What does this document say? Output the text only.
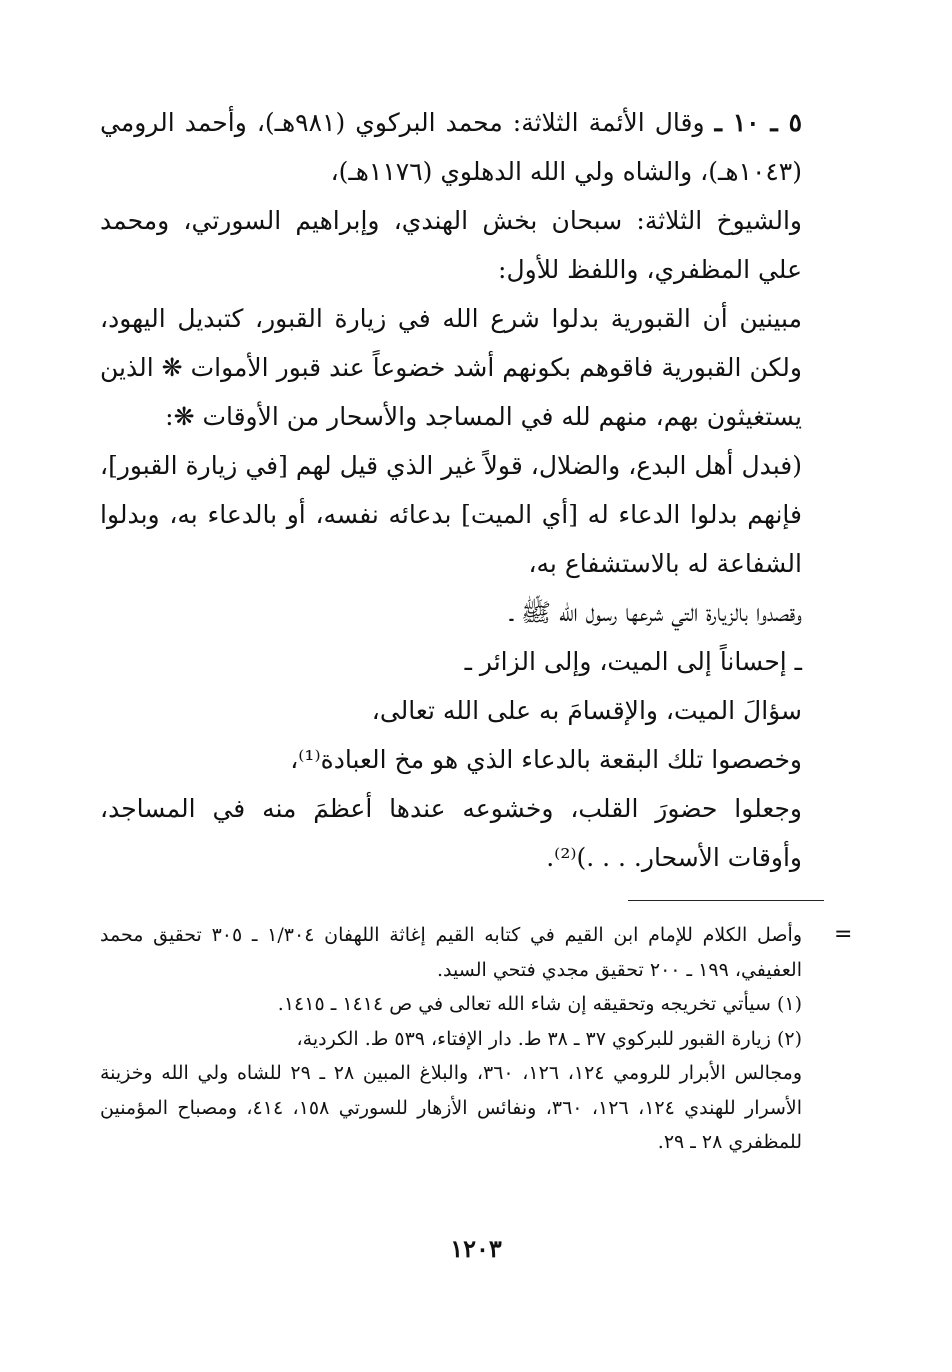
٥ ـ ١٠ ـ وقال الأئمة الثلاثة: محمد البركوي (٩٨١هـ)، وأحمد الرومي (١٠٤٣هـ)، والشاه ولي الله الدهلوي (١١٧٦هـ)،

والشيوخ الثلاثة: سبحان بخش الهندي، وإبراهيم السورتي، ومحمد علي المظفري، واللفظ للأول:

مبينين أن القبورية بدلوا شرع الله في زيارة القبور، كتبديل اليهود، ولكن القبورية فاقوهم بكونهم أشد خضوعاً عند قبور الأموات ❋ الذين يستغيثون بهم، منهم لله في المساجد والأسحار من الأوقات ❋:

(فبدل أهل البدع، والضلال، قولاً غير الذي قيل لهم [في زيارة القبور]، فإنهم بدلوا الدعاء له [أي الميت] بدعائه نفسه، أو بالدعاء به، وبدلوا الشفاعة له بالاستشفاع به،

وقصدوا بالزيارة التي شرعها رسول الله ﷺ ـ

ـ إحساناً إلى الميت، وإلى الزائر ـ

سؤالَ الميت، والإقسامَ به على الله تعالى،

وخصصوا تلك البقعة بالدعاء الذي هو مخ العبادة⁽¹⁾،

وجعلوا حضورَ القلب، وخشوعه عندها أعظمَ منه في المساجد، وأوقات الأسحار. . . .)⁽²⁾.

=

وأصل الكلام للإمام ابن القيم في كتابه القيم إغاثة اللهفان ١/٣٠٤ ـ ٣٠٥ تحقيق محمد العفيفي، ١٩٩ ـ ٢٠٠ تحقيق مجدي فتحي السيد.

(١) سيأتي تخريجه وتحقيقه إن شاء الله تعالى في ص ١٤١٤ ـ ١٤١٥.

(٢) زيارة القبور للبركوي ٣٧ ـ ٣٨ ط. دار الإفتاء، ٥٣٩ ط. الكردية،

ومجالس الأبرار للرومي ١٢٤، ١٢٦، ٣٦٠، والبلاغ المبين ٢٨ ـ ٢٩ للشاه ولي الله وخزينة الأسرار للهندي ١٢٤، ١٢٦، ٣٦٠، ونفائس الأزهار للسورتي ١٥٨، ٤١٤، ومصباح المؤمنين للمظفري ٢٨ ـ ٢٩.

١٢٠٣
